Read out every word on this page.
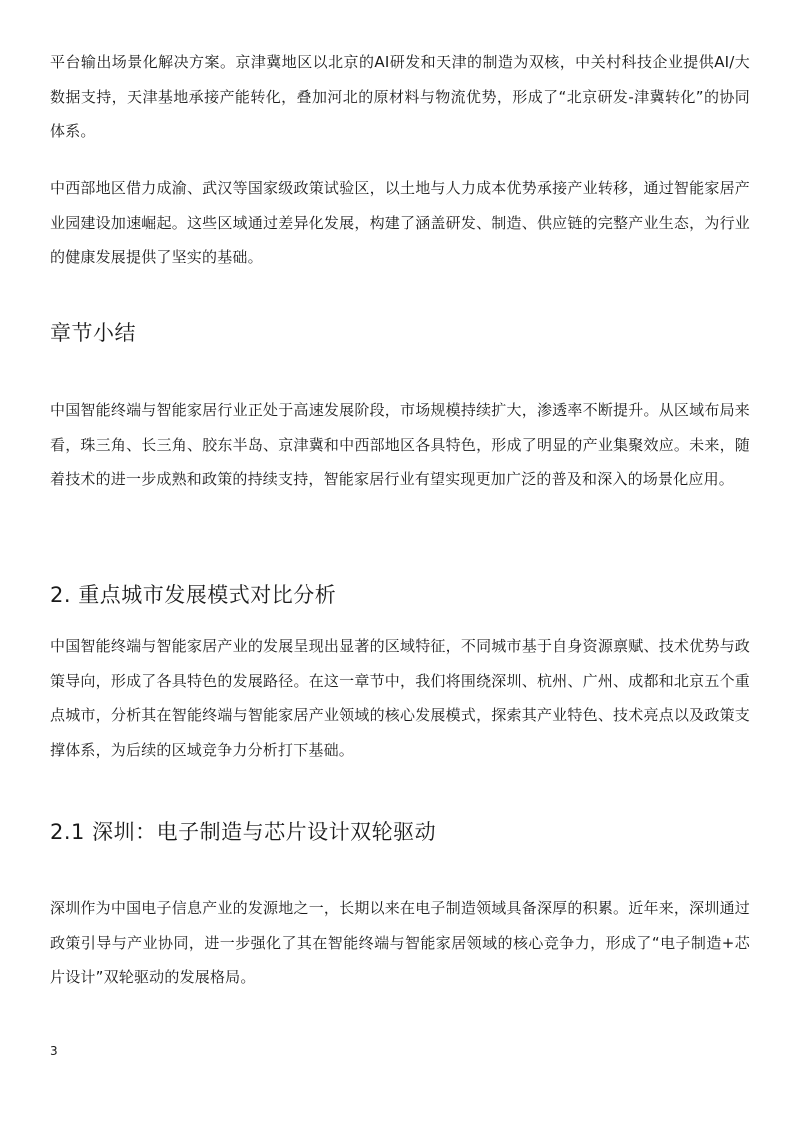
平台输出场景化解决方案。京津冀地区以北京的AI研发和天津的制造为双核，中关村科技企业提供AI/大数据支持，天津基地承接产能转化，叠加河北的原材料与物流优势，形成了“北京研发-津冀转化”的协同体系。

中西部地区借力成渝、武汉等国家级政策试验区，以土地与人力成本优势承接产业转移，通过智能家居产业园建设加速崛起。这些区域通过差异化发展，构建了涵盖研发、制造、供应链的完整产业生态，为行业的健康发展提供了坚实的基础。

章节小结

中国智能终端与智能家居行业正处于高速发展阶段，市场规模持续扩大，渗透率不断提升。从区域布局来看，珠三角、长三角、胶东半岛、京津冀和中西部地区各具特色，形成了明显的产业集聚效应。未来，随着技术的进一步成熟和政策的持续支持，智能家居行业有望实现更加广泛的普及和深入的场景化应用。

2. 重点城市发展模式对比分析

中国智能终端与智能家居产业的发展呈现出显著的区域特征，不同城市基于自身资源禀赋、技术优势与政策导向，形成了各具特色的发展路径。在这一章节中，我们将围绕深圳、杭州、广州、成都和北京五个重点城市，分析其在智能终端与智能家居产业领域的核心发展模式，探索其产业特色、技术亮点以及政策支撑体系，为后续的区域竞争力分析打下基础。

2.1 深圳：电子制造与芯片设计双轮驱动

深圳作为中国电子信息产业的发源地之一，长期以来在电子制造领域具备深厚的积累。近年来，深圳通过政策引导与产业协同，进一步强化了其在智能终端与智能家居领域的核心竞争力，形成了“电子制造+芯片设计”双轮驱动的发展格局。

3
